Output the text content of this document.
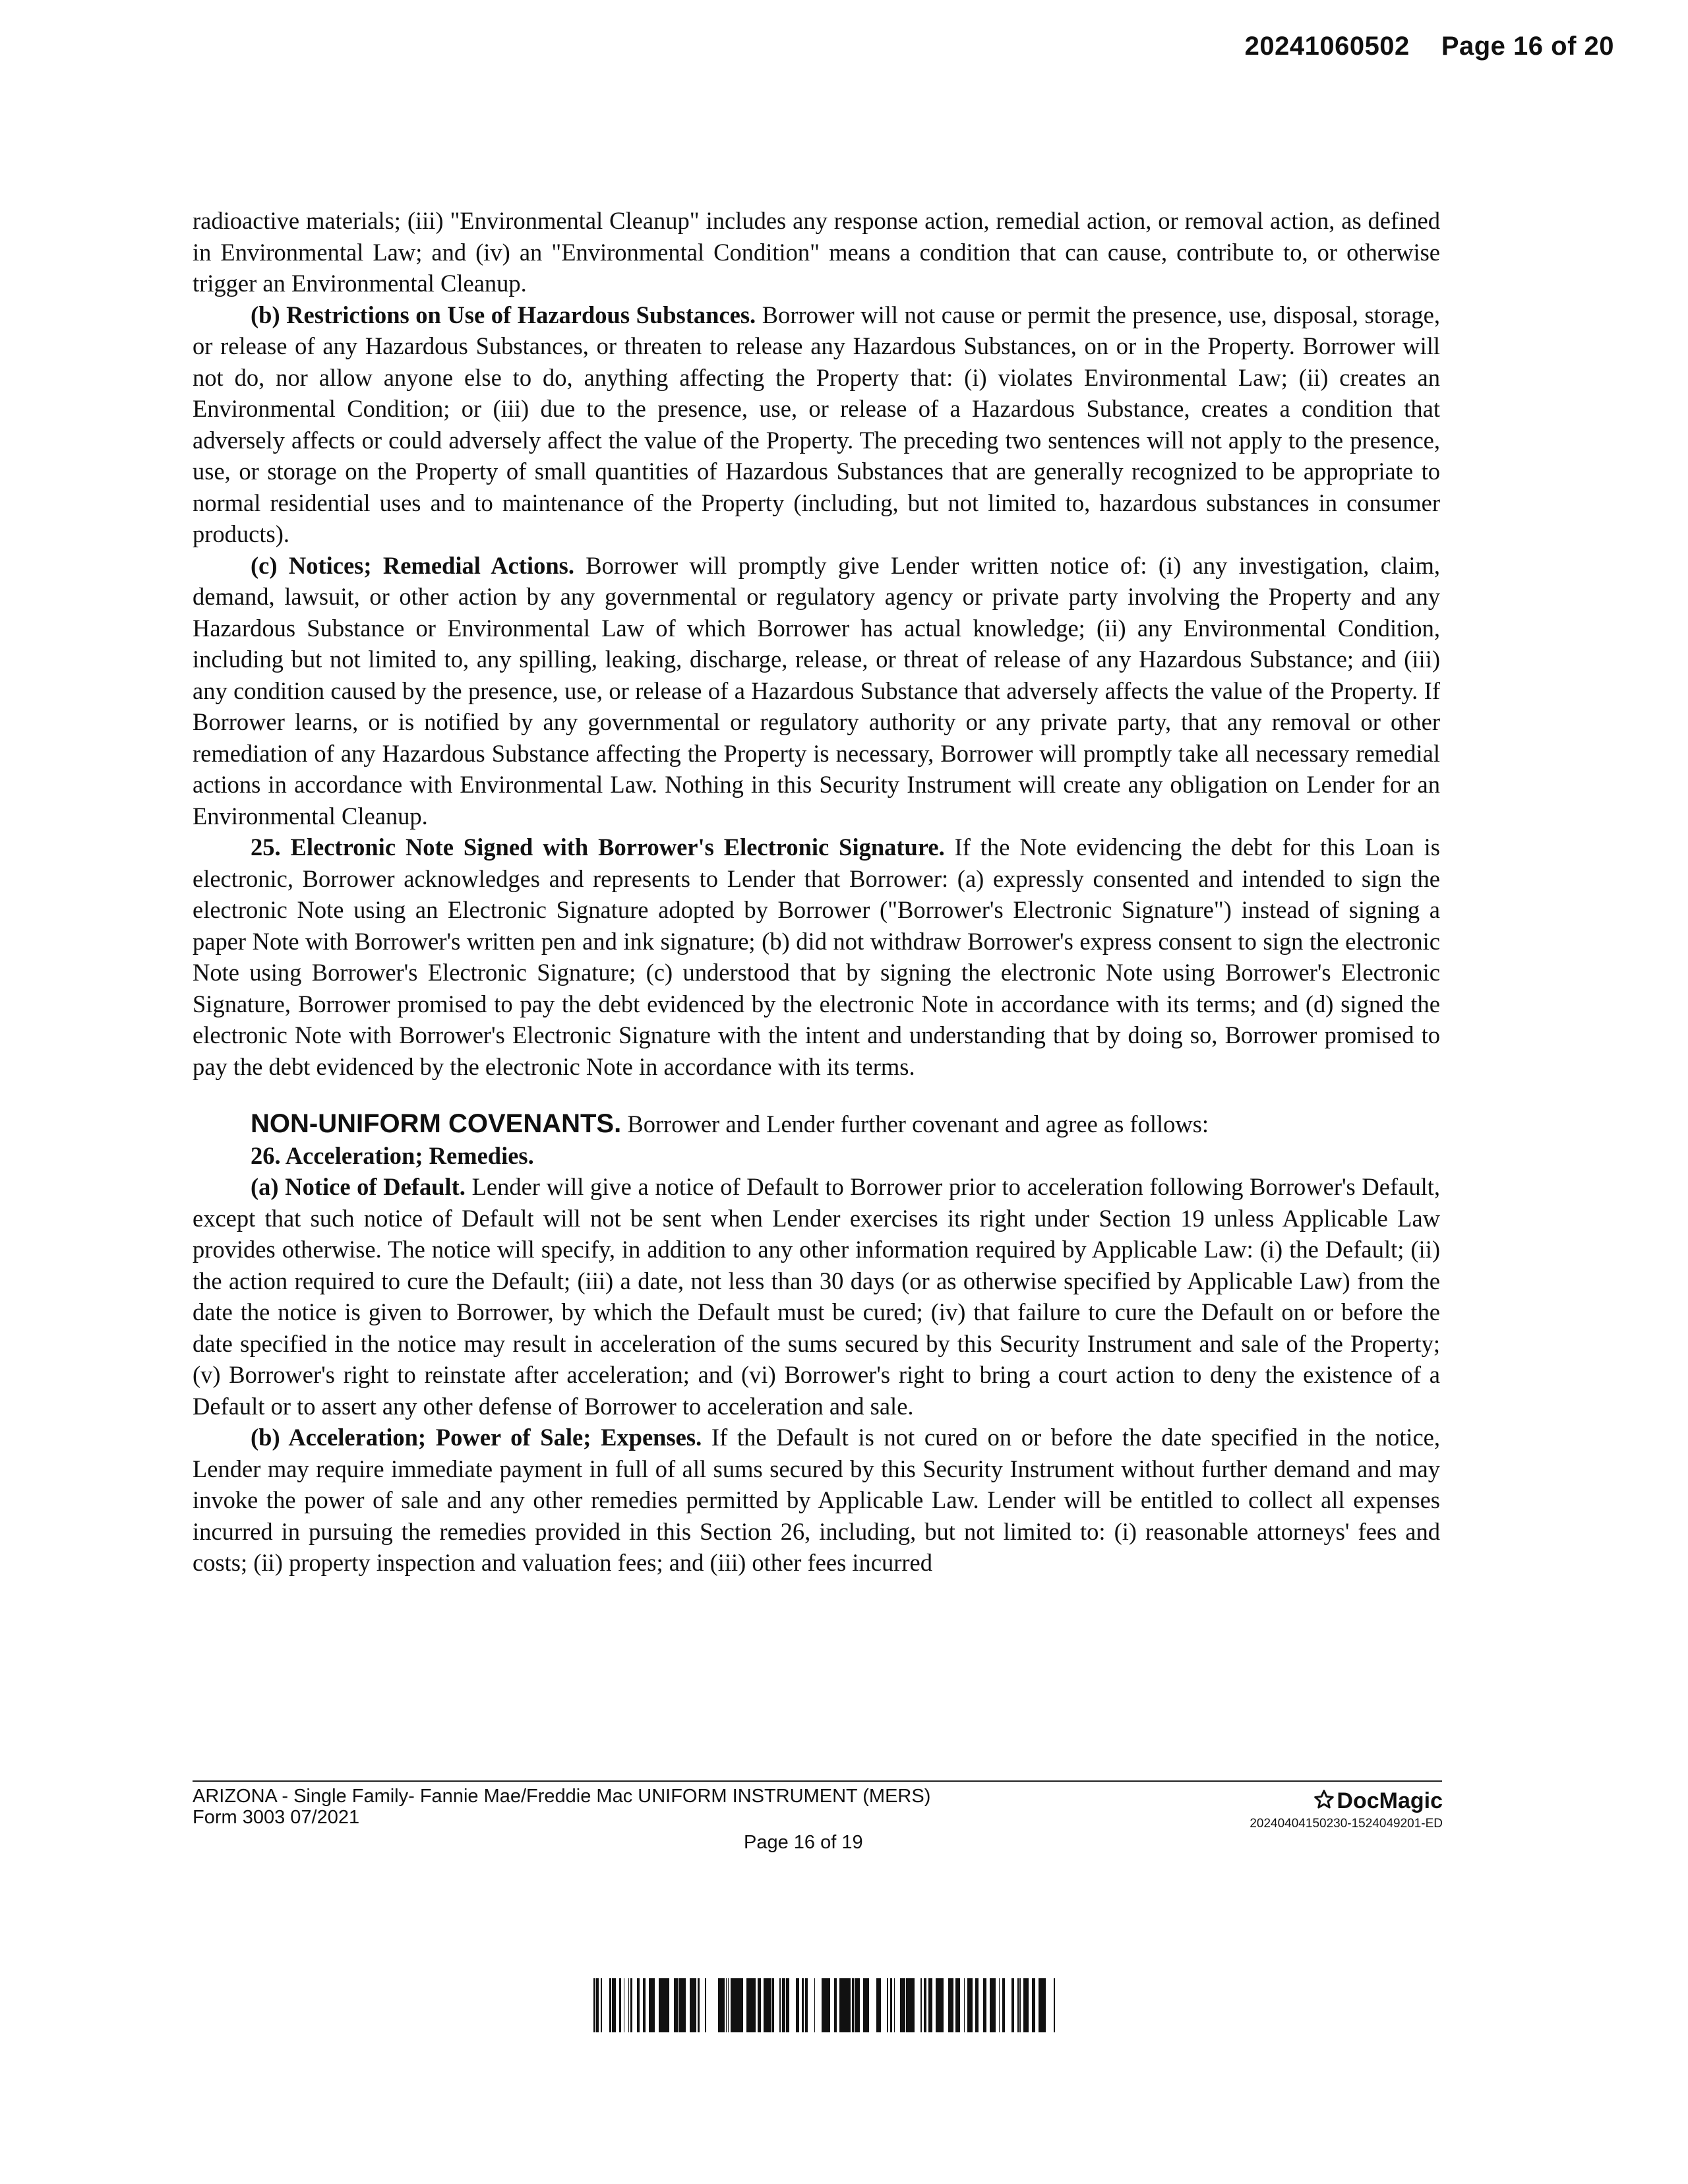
20241060502 Page 16 of 20

radioactive materials; (iii) "Environmental Cleanup" includes any response action, remedial action, or removal action, as defined in Environmental Law; and (iv) an "Environmental Condition" means a condition that can cause, contribute to, or otherwise trigger an Environmental Cleanup.

(b) Restrictions on Use of Hazardous Substances. Borrower will not cause or permit the presence, use, disposal, storage, or release of any Hazardous Substances, or threaten to release any Hazardous Substances, on or in the Property. Borrower will not do, nor allow anyone else to do, anything affecting the Property that: (i) violates Environmental Law; (ii) creates an Environmental Condition; or (iii) due to the presence, use, or release of a Hazardous Substance, creates a condition that adversely affects or could adversely affect the value of the Property. The preceding two sentences will not apply to the presence, use, or storage on the Property of small quantities of Hazardous Substances that are generally recognized to be appropriate to normal residential uses and to maintenance of the Property (including, but not limited to, hazardous substances in consumer products).

(c) Notices; Remedial Actions. Borrower will promptly give Lender written notice of: (i) any investigation, claim, demand, lawsuit, or other action by any governmental or regulatory agency or private party involving the Property and any Hazardous Substance or Environmental Law of which Borrower has actual knowledge; (ii) any Environmental Condition, including but not limited to, any spilling, leaking, discharge, release, or threat of release of any Hazardous Substance; and (iii) any condition caused by the presence, use, or release of a Hazardous Substance that adversely affects the value of the Property. If Borrower learns, or is notified by any governmental or regulatory authority or any private party, that any removal or other remediation of any Hazardous Substance affecting the Property is necessary, Borrower will promptly take all necessary remedial actions in accordance with Environmental Law. Nothing in this Security Instrument will create any obligation on Lender for an Environmental Cleanup.

25. Electronic Note Signed with Borrower's Electronic Signature. If the Note evidencing the debt for this Loan is electronic, Borrower acknowledges and represents to Lender that Borrower: (a) expressly consented and intended to sign the electronic Note using an Electronic Signature adopted by Borrower ("Borrower's Electronic Signature") instead of signing a paper Note with Borrower's written pen and ink signature; (b) did not withdraw Borrower's express consent to sign the electronic Note using Borrower's Electronic Signature; (c) understood that by signing the electronic Note using Borrower's Electronic Signature, Borrower promised to pay the debt evidenced by the electronic Note in accordance with its terms; and (d) signed the electronic Note with Borrower's Electronic Signature with the intent and understanding that by doing so, Borrower promised to pay the debt evidenced by the electronic Note in accordance with its terms.

NON-UNIFORM COVENANTS. Borrower and Lender further covenant and agree as follows:

26. Acceleration; Remedies.

(a) Notice of Default. Lender will give a notice of Default to Borrower prior to acceleration following Borrower's Default, except that such notice of Default will not be sent when Lender exercises its right under Section 19 unless Applicable Law provides otherwise. The notice will specify, in addition to any other information required by Applicable Law: (i) the Default; (ii) the action required to cure the Default; (iii) a date, not less than 30 days (or as otherwise specified by Applicable Law) from the date the notice is given to Borrower, by which the Default must be cured; (iv) that failure to cure the Default on or before the date specified in the notice may result in acceleration of the sums secured by this Security Instrument and sale of the Property; (v) Borrower's right to reinstate after acceleration; and (vi) Borrower's right to bring a court action to deny the existence of a Default or to assert any other defense of Borrower to acceleration and sale.

(b) Acceleration; Power of Sale; Expenses. If the Default is not cured on or before the date specified in the notice, Lender may require immediate payment in full of all sums secured by this Security Instrument without further demand and may invoke the power of sale and any other remedies permitted by Applicable Law. Lender will be entitled to collect all expenses incurred in pursuing the remedies provided in this Section 26, including, but not limited to: (i) reasonable attorneys' fees and costs; (ii) property inspection and valuation fees; and (iii) other fees incurred

ARIZONA - Single Family- Fannie Mae/Freddie Mac UNIFORM INSTRUMENT (MERS)
Form 3003 07/2021
Page 16 of 19
DocMagic
20240404150230-1524049201-ED
